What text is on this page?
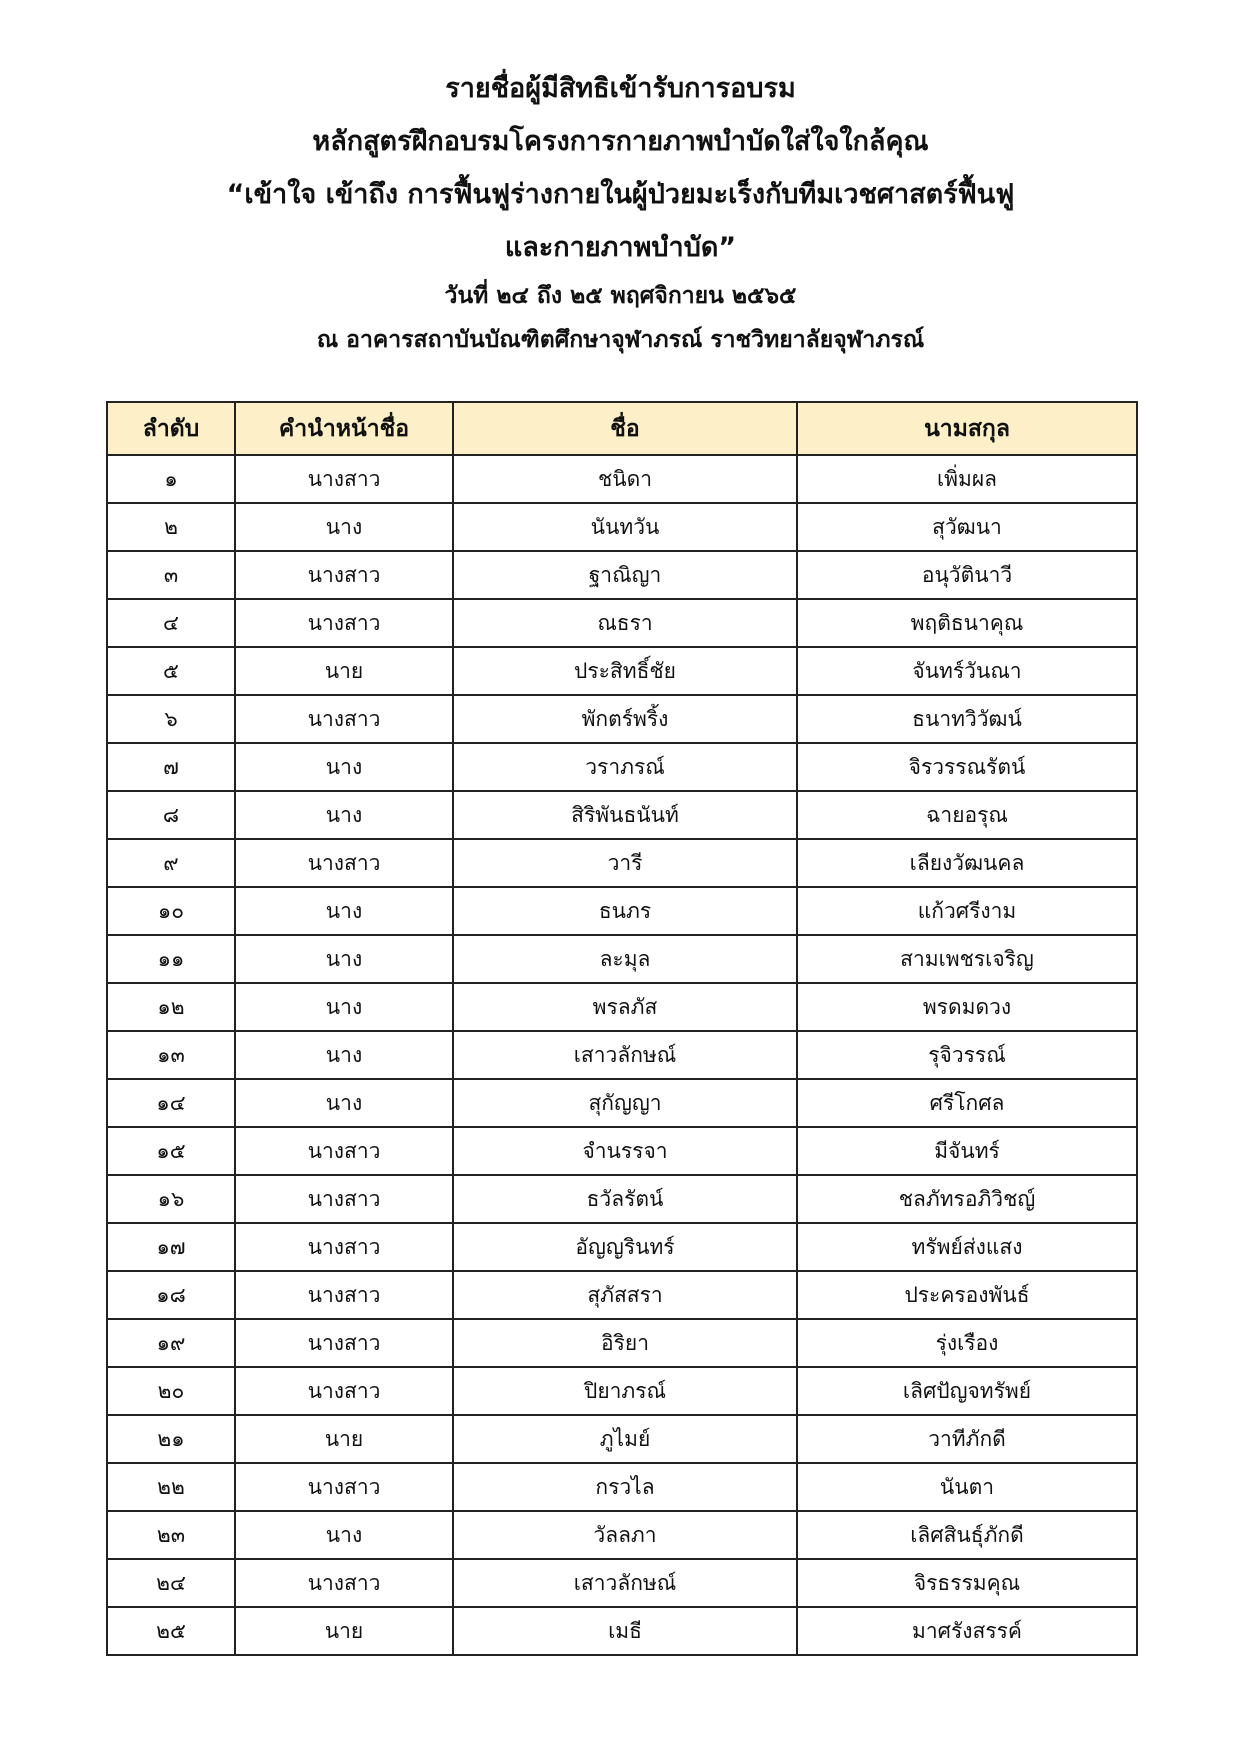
รายชื่อผู้มีสิทธิเข้ารับการอบรม

หลักสูตรฝึกอบรมโครงการกายภาพบำบัดใส่ใจใกล้คุณ

“เข้าใจ เข้าถึง การฟื้นฟูร่างกายในผู้ป่วยมะเร็งกับทีมเวชศาสตร์ฟื้นฟู

และกายภาพบำบัด”

วันที่ ๒๔ ถึง ๒๕ พฤศจิกายน ๒๕๖๕

ณ อาคารสถาบันบัณฑิตศึกษาจุฬาภรณ์ ราชวิทยาลัยจุฬาภรณ์

ลำดับ	คำนำหน้าชื่อ	ชื่อ	นามสกุล
๑	นางสาว	ชนิดา	เพิ่มผล
๒	นาง	นันทวัน	สุวัฒนา
๓	นางสาว	ฐาณิญา	อนุวัตินาวี
๔	นางสาว	ณธรา	พฤติธนาคุณ
๕	นาย	ประสิทธิ์ชัย	จันทร์วันณา
๖	นางสาว	พักตร์พริ้ง	ธนาทวิวัฒน์
๗	นาง	วราภรณ์	จิรวรรณรัตน์
๘	นาง	สิริพันธนันท์	ฉายอรุณ
๙	นางสาว	วารี	เลียงวัฒนคล
๑๐	นาง	ธนภร	แก้วศรีงาม
๑๑	นาง	ละมุล	สามเพชรเจริญ
๑๒	นาง	พรลภัส	พรดมดวง
๑๓	นาง	เสาวลักษณ์	รุจิวรรณ์
๑๔	นาง	สุกัญญา	ศรีโกศล
๑๕	นางสาว	จำนรรจา	มีจันทร์
๑๖	นางสาว	ธวัลรัตน์	ชลภัทรอภิวิชญ์
๑๗	นางสาว	อัญญรินทร์	ทรัพย์ส่งแสง
๑๘	นางสาว	สุภัสสรา	ประครองพันธ์
๑๙	นางสาว	อิริยา	รุ่งเรือง
๒๐	นางสาว	ปิยาภรณ์	เลิศปัญจทรัพย์
๒๑	นาย	ภูไมย์	วาทีภักดี
๒๒	นางสาว	กรวไล	นันตา
๒๓	นาง	วัลลภา	เลิศสินธุ์ภักดี
๒๔	นางสาว	เสาวลักษณ์	จิรธรรมคุณ
๒๕	นาย	เมธี	มาศรังสรรค์
